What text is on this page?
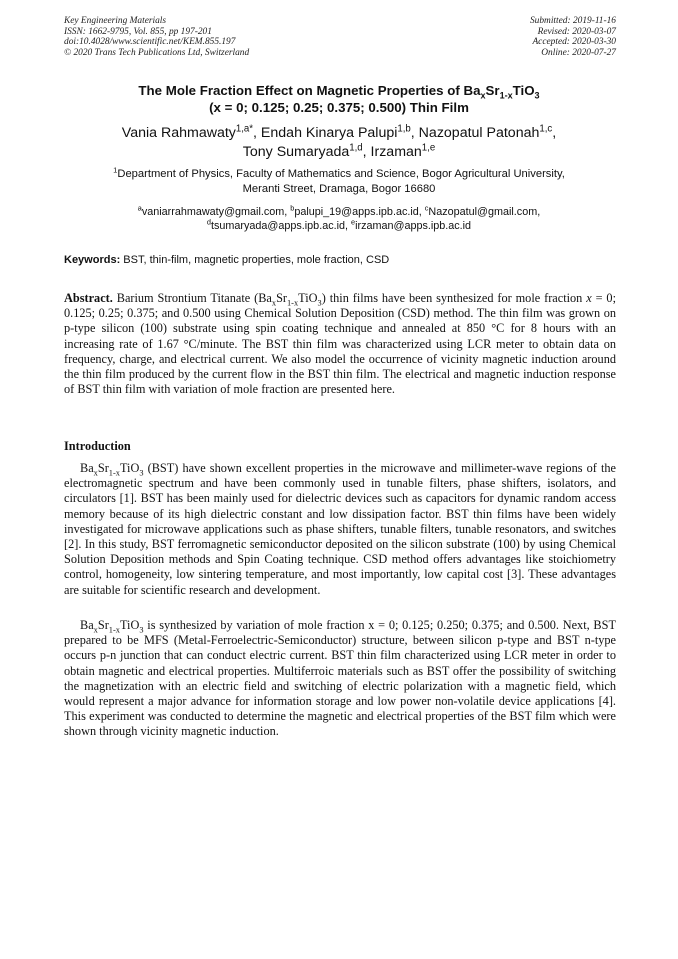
Key Engineering Materials
ISSN: 1662-9795, Vol. 855, pp 197-201
doi:10.4028/www.scientific.net/KEM.855.197
© 2020 Trans Tech Publications Ltd, Switzerland
Submitted: 2019-11-16
Revised: 2020-03-07
Accepted: 2020-03-30
Online: 2020-07-27
The Mole Fraction Effect on Magnetic Properties of $Ba_xSr_{1-x}TiO_3$
(x = 0; 0.125; 0.25; 0.375; 0.500) Thin Film
Vania Rahmawaty$^{1,a*}$, Endah Kinarya Palupi$^{1,b}$, Nazopatul Patonah$^{1,c}$,
Tony Sumaryada$^{1,d}$, Irzaman$^{1,e}$
$^1$Department of Physics, Faculty of Mathematics and Science, Bogor Agricultural University,
Meranti Street, Dramaga, Bogor 16680
$^a$vaniarrahmawaty@gmail.com, $^b$palupi_19@apps.ipb.ac.id, $^c$Nazopatul@gmail.com,
$^d$tsumaryada@apps.ipb.ac.id, $^e$irzaman@apps.ipb.ac.id
Keywords: BST, thin-film, magnetic properties, mole fraction, CSD
Abstract. Barium Strontium Titanate $(Ba_xSr_{1-x}TiO_3)$ thin films have been synthesized for mole fraction x = 0; 0.125; 0.25; 0.375; and 0.500 using Chemical Solution Deposition (CSD) method. The thin film was grown on p-type silicon (100) substrate using spin coating technique and annealed at 850 °C for 8 hours with an increasing rate of 1.67 °C/minute. The BST thin film was characterized using LCR meter to obtain data on frequency, charge, and electrical current. We also model the occurrence of vicinity magnetic induction around the thin film produced by the current flow in the BST thin film. The electrical and magnetic induction response of BST thin film with variation of mole fraction are presented here.
Introduction
$Ba_xSr_{1-x}TiO_3$ (BST) have shown excellent properties in the microwave and millimeter-wave regions of the electromagnetic spectrum and have been commonly used in tunable filters, phase shifters, isolators, and circulators [1]. BST has been mainly used for dielectric devices such as capacitors for dynamic random access memory because of its high dielectric constant and low dissipation factor. BST thin films have been widely investigated for microwave applications such as phase shifters, tunable filters, tunable resonators, and switches [2]. In this study, BST ferromagnetic semiconductor deposited on the silicon substrate (100) by using Chemical Solution Deposition methods and Spin Coating technique. CSD method offers advantages like stoichiometry control, homogeneity, low sintering temperature, and most importantly, low capital cost [3]. These advantages are suitable for scientific research and development.
$Ba_xSr_{1-x}TiO_3$ is synthesized by variation of mole fraction x = 0; 0.125; 0.250; 0.375; and 0.500. Next, BST prepared to be MFS (Metal-Ferroelectric-Semiconductor) structure, between silicon p-type and BST n-type occurs p-n junction that can conduct electric current. BST thin film characterized using LCR meter in order to obtain magnetic and electrical properties. Multiferroic materials such as BST offer the possibility of switching the magnetization with an electric field and switching of electric polarization with a magnetic field, which would represent a major advance for information storage and low power non-volatile device applications [4]. This experiment was conducted to determine the magnetic and electrical properties of the BST film which were shown through vicinity magnetic induction.
